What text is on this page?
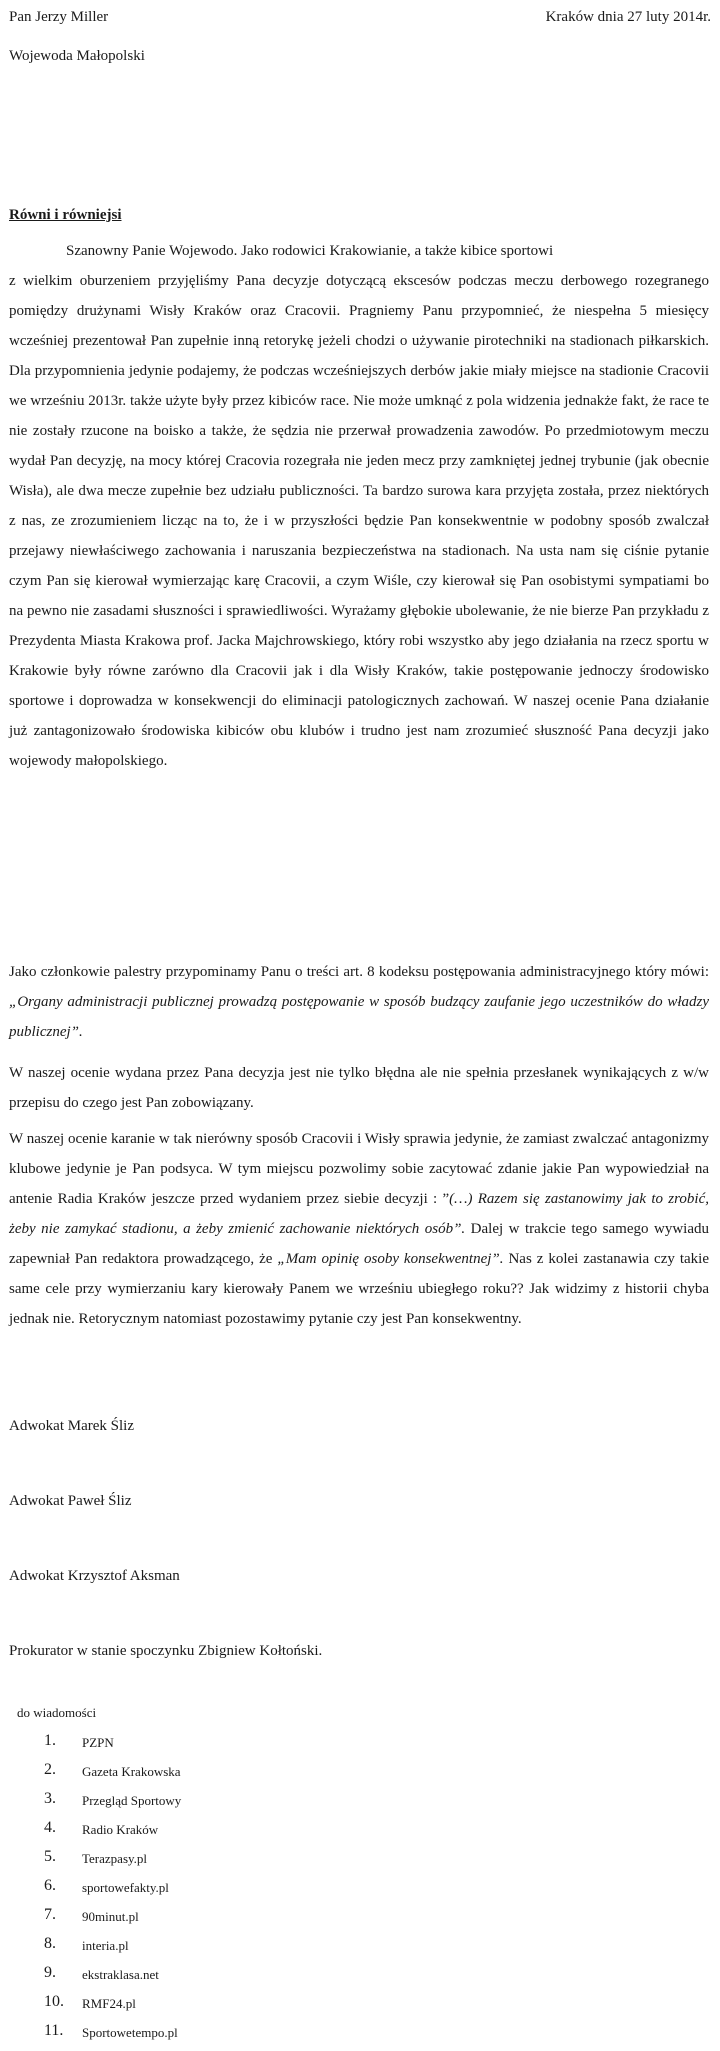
Pan Jerzy Miller	Kraków dnia 27 luty 2014r.
Wojewoda Małopolski
Równi i równiejsi

Szanowny Panie Wojewodo. Jako rodowici Krakowianie, a także kibice sportowi
z wielkim oburzeniem przyjęliśmy Pana decyzje dotyczącą ekscesów podczas meczu derbowego rozegranego pomiędzy drużynami Wisły Kraków oraz Cracovii. Pragniemy Panu przypomnieć, że niespełna 5 miesięcy wcześniej prezentował Pan zupełnie inną retorykę jeżeli chodzi o używanie pirotechniki na stadionach piłkarskich. Dla przypomnienia jedynie podajemy, że podczas wcześniejszych derbów jakie miały miejsce na stadionie Cracovii we wrześniu 2013r. także użyte były przez kibiców race. Nie może umknąć z pola widzenia jednakże fakt, że race te nie zostały rzucone na boisko a także, że sędzia nie przerwał prowadzenia zawodów. Po przedmiotowym meczu wydał Pan decyzję, na mocy której Cracovia rozegrała nie jeden mecz przy zamkniętej jednej trybunie (jak obecnie Wisła), ale dwa mecze zupełnie bez udziału publiczności. Ta bardzo surowa kara przyjęta została, przez niektórych z nas, ze zrozumieniem licząc na to, że i w przyszłości będzie Pan konsekwentnie w podobny sposób zwalczał przejawy niewłaściwego zachowania i naruszania bezpieczeństwa na stadionach. Na usta nam się ciśnie pytanie czym Pan się kierował wymierzając karę Cracovii, a czym Wiśle, czy kierował się Pan osobistymi sympatiami bo na pewno nie zasadami słuszności i sprawiedliwości. Wyrażamy głębokie ubolewanie, że nie bierze Pan przykładu z Prezydenta Miasta Krakowa prof. Jacka Majchrowskiego, który robi wszystko aby jego działania na rzecz sportu w Krakowie były równe zarówno dla Cracovii jak i dla Wisły Kraków, takie postępowanie jednoczy środowisko sportowe i doprowadza w konsekwencji do eliminacji patologicznych zachowań. W naszej ocenie Pana działanie już zantagonizowało środowiska kibiców obu klubów i trudno jest nam zrozumieć słuszność Pana decyzji jako wojewody małopolskiego.

Jako członkowie palestry przypominamy Panu o treści art. 8 kodeksu postępowania administracyjnego który mówi: „Organy administracji publicznej prowadzą postępowanie w sposób budzący zaufanie jego uczestników do władzy publicznej”.

W naszej ocenie wydana przez Pana decyzja jest nie tylko błędna ale nie spełnia przesłanek wynikających z w/w przepisu do czego jest Pan zobowiązany.

W naszej ocenie karanie w tak nierówny sposób Cracovii i Wisły sprawia jedynie, że zamiast zwalczać antagonizmy klubowe jedynie je Pan podsyca. W tym miejscu pozwolimy sobie zacytować zdanie jakie Pan wypowiedział na antenie Radia Kraków jeszcze przed wydaniem przez siebie decyzji : ”(…) Razem się zastanowimy jak to zrobić, żeby nie zamykać stadionu, a żeby zmienić zachowanie niektórych osób”. Dalej w trakcie tego samego wywiadu zapewniał Pan redaktora prowadzącego, że „Mam opinię osoby konsekwentnej”. Nas z kolei zastanawia czy takie same cele przy wymierzaniu kary kierowały Panem we wrześniu ubiegłego roku?? Jak widzimy z historii chyba jednak nie. Retorycznym natomiast pozostawimy pytanie czy jest Pan konsekwentny.

Adwokat Marek Śliz
Adwokat Paweł Śliz
Adwokat Krzysztof Aksman
Prokurator w stanie spoczynku Zbigniew Kołtoński.
do wiadomości
1.	PZPN
2.	Gazeta Krakowska
3.	Przegląd Sportowy
4.	Radio Kraków
5.	Terazpasy.pl
6.	sportowefakty.pl
7.	90minut.pl
8.	interia.pl
9.	ekstraklasa.net
10.	RMF24.pl
11.	Sportowetempo.pl
